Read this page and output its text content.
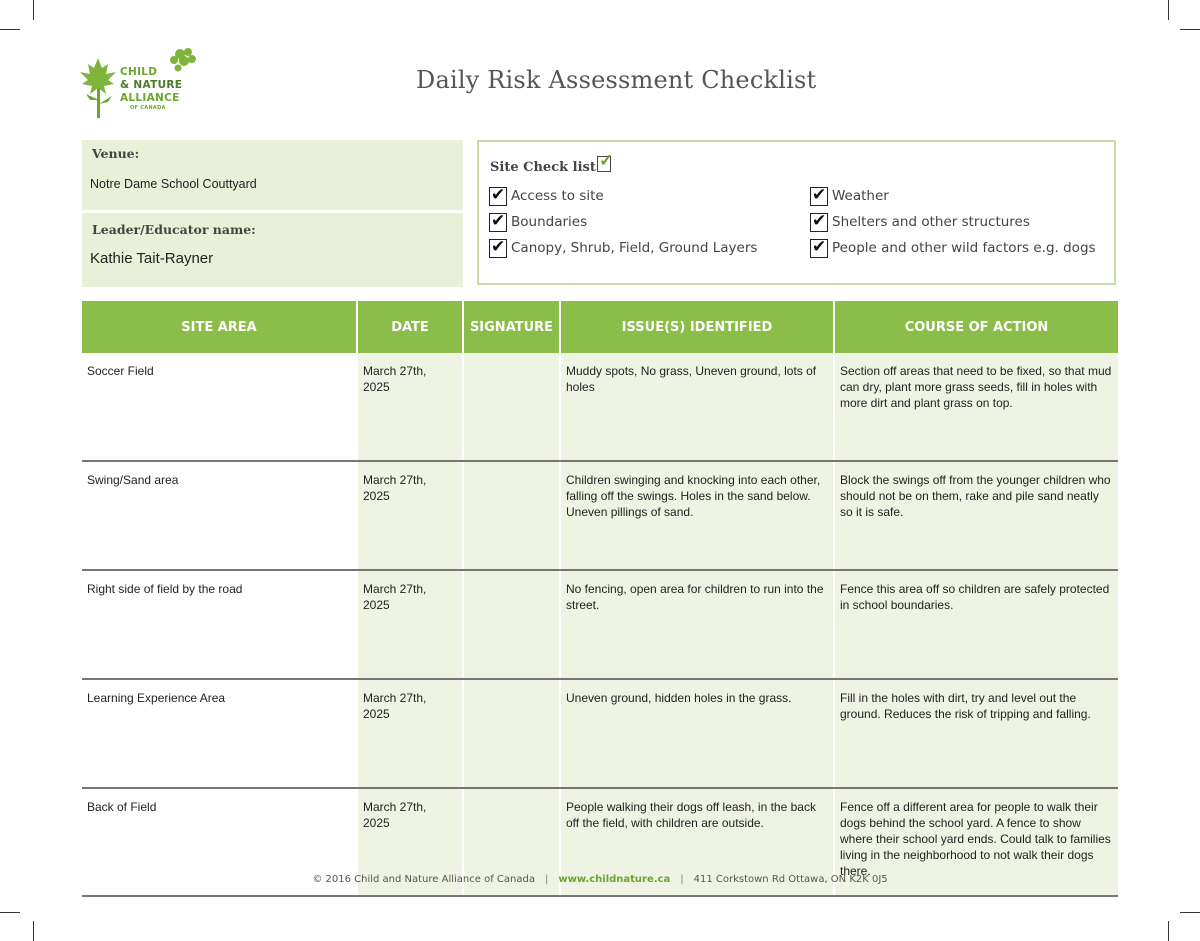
CHILD
& NATURE
ALLIANCE
OF CANADA
Daily Risk Assessment Checklist
Venue:
Notre Dame School Couttyard
Leader/Educator name:
Kathie Tait-Rayner
Site Check list ✓
✔ Access to site
✔ Boundaries
✔ Canopy, Shrub, Field, Ground Layers
✔ Weather
✔ Shelters and other structures
✔ People and other wild factors e.g. dogs
SITE AREA	DATE	SIGNATURE	ISSUE(S) IDENTIFIED	COURSE OF ACTION
Soccer Field	March 27th,
2025		Muddy spots, No grass, Uneven ground, lots of holes	Section off areas that need to be fixed, so that mud can dry, plant more grass seeds, fill in holes with more dirt and plant grass on top.
Swing/Sand area	March 27th,
2025		Children swinging and knocking into each other, falling off the swings. Holes in the sand below. Uneven pillings of sand.	Block the swings off from the younger children who should not be on them, rake and pile sand neatly so it is safe.
Right side of field by the road	March 27th,
2025		No fencing, open area for children to run into the street.	Fence this area off so children are safely protected in school boundaries.
Learning Experience Area	March 27th,
2025		Uneven ground, hidden holes in the grass.	Fill in the holes with dirt, try and level out the ground. Reduces the risk of tripping and falling.
Back of Field	March 27th,
2025		People walking their dogs off leash, in the back off the field, with children are outside.	Fence off a different area for people to walk their dogs behind the school yard. A fence to show where their school yard ends. Could talk to families living in the neighborhood to not walk their dogs there.
© 2016 Child and Nature Alliance of Canada | www.childnature.ca | 411 Corkstown Rd Ottawa, ON K2K 0J5
